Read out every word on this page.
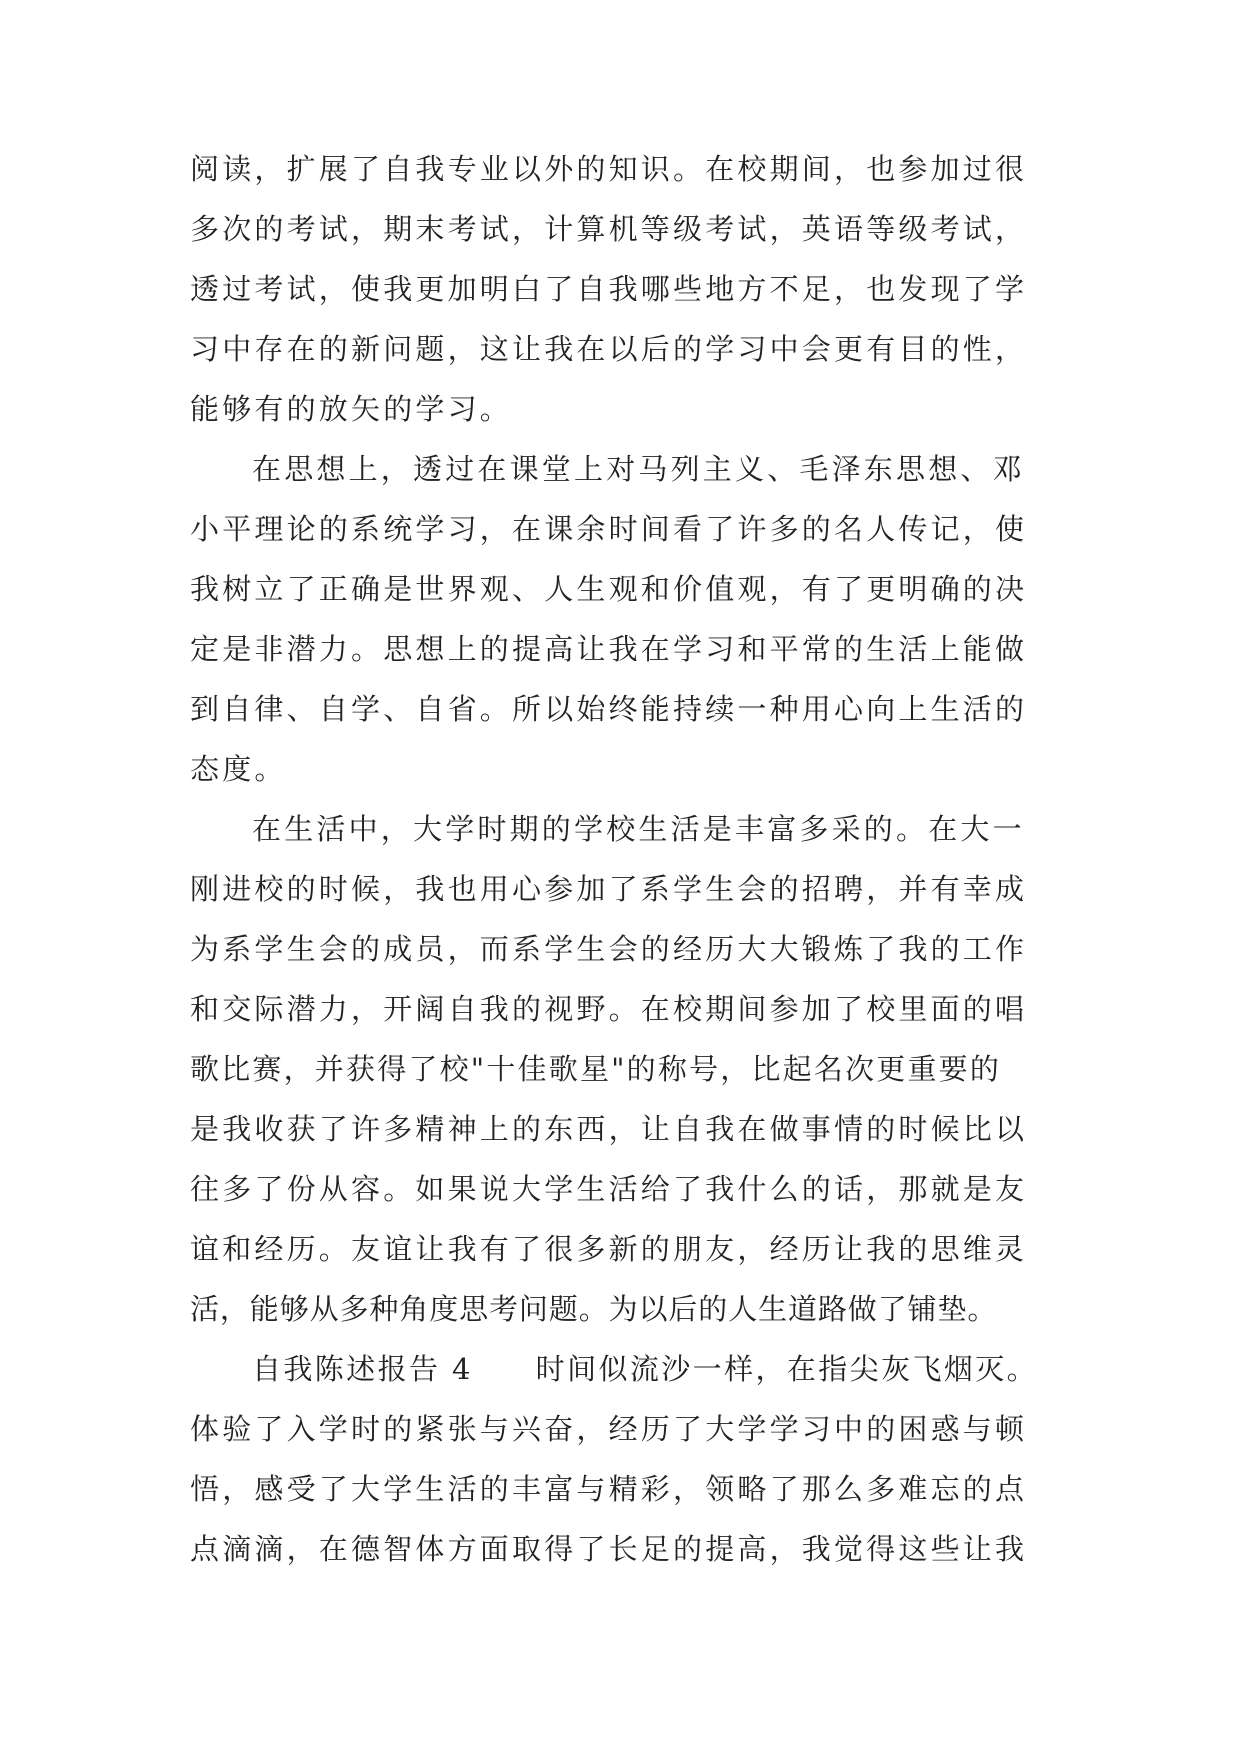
阅读，扩展了自我专业以外的知识。在校期间，也参加过很
多次的考试，期末考试，计算机等级考试，英语等级考试，
透过考试，使我更加明白了自我哪些地方不足，也发现了学
习中存在的新问题，这让我在以后的学习中会更有目的性，
能够有的放矢的学习。
在思想上，透过在课堂上对马列主义、毛泽东思想、邓
小平理论的系统学习，在课余时间看了许多的名人传记，使
我树立了正确是世界观、人生观和价值观，有了更明确的决
定是非潜力。思想上的提高让我在学习和平常的生活上能做
到自律、自学、自省。所以始终能持续一种用心向上生活的
态度。
在生活中，大学时期的学校生活是丰富多采的。在大一
刚进校的时候，我也用心参加了系学生会的招聘，并有幸成
为系学生会的成员，而系学生会的经历大大锻炼了我的工作
和交际潜力，开阔自我的视野。在校期间参加了校里面的唱
歌比赛，并获得了校"十佳歌星"的称号，比起名次更重要的
是我收获了许多精神上的东西，让自我在做事情的时候比以
往多了份从容。如果说大学生活给了我什么的话，那就是友
谊和经历。友谊让我有了很多新的朋友，经历让我的思维灵
活，能够从多种角度思考问题。为以后的人生道路做了铺垫。
自我陈述报告 4　　时间似流沙一样，在指尖灰飞烟灭。
体验了入学时的紧张与兴奋，经历了大学学习中的困惑与顿
悟，感受了大学生活的丰富与精彩，领略了那么多难忘的点
点滴滴，在德智体方面取得了长足的提高，我觉得这些让我
